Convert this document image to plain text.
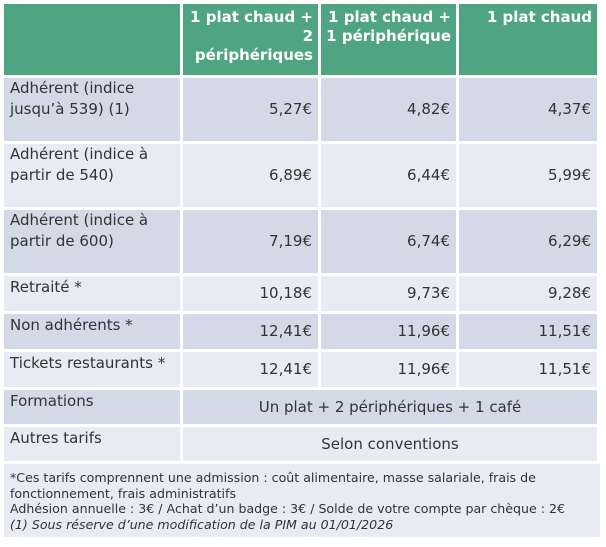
	1 plat chaud + 2 périphériques	1 plat chaud + 1 périphérique	1 plat chaud
Adhérent (indice jusqu’à 539) (1)	5,27€	4,82€	4,37€
Adhérent (indice à partir de 540)	6,89€	6,44€	5,99€
Adhérent (indice à partir de 600)	7,19€	6,74€	6,29€
Retraité *	10,18€	9,73€	9,28€
Non adhérents *	12,41€	11,96€	11,51€
Tickets restaurants *	12,41€	11,96€	11,51€
Formations	Un plat + 2 périphériques + 1 café		
Autres tarifs	Selon conventions		
*Ces tarifs comprennent une admission : coût alimentaire, masse salariale, frais de fonctionnement, frais administratifs
Adhésion annuelle : 3€ / Achat d’un badge : 3€ / Solde de votre compte par chèque : 2€
(1) Sous réserve d’une modification de la PIM au 01/01/2026
